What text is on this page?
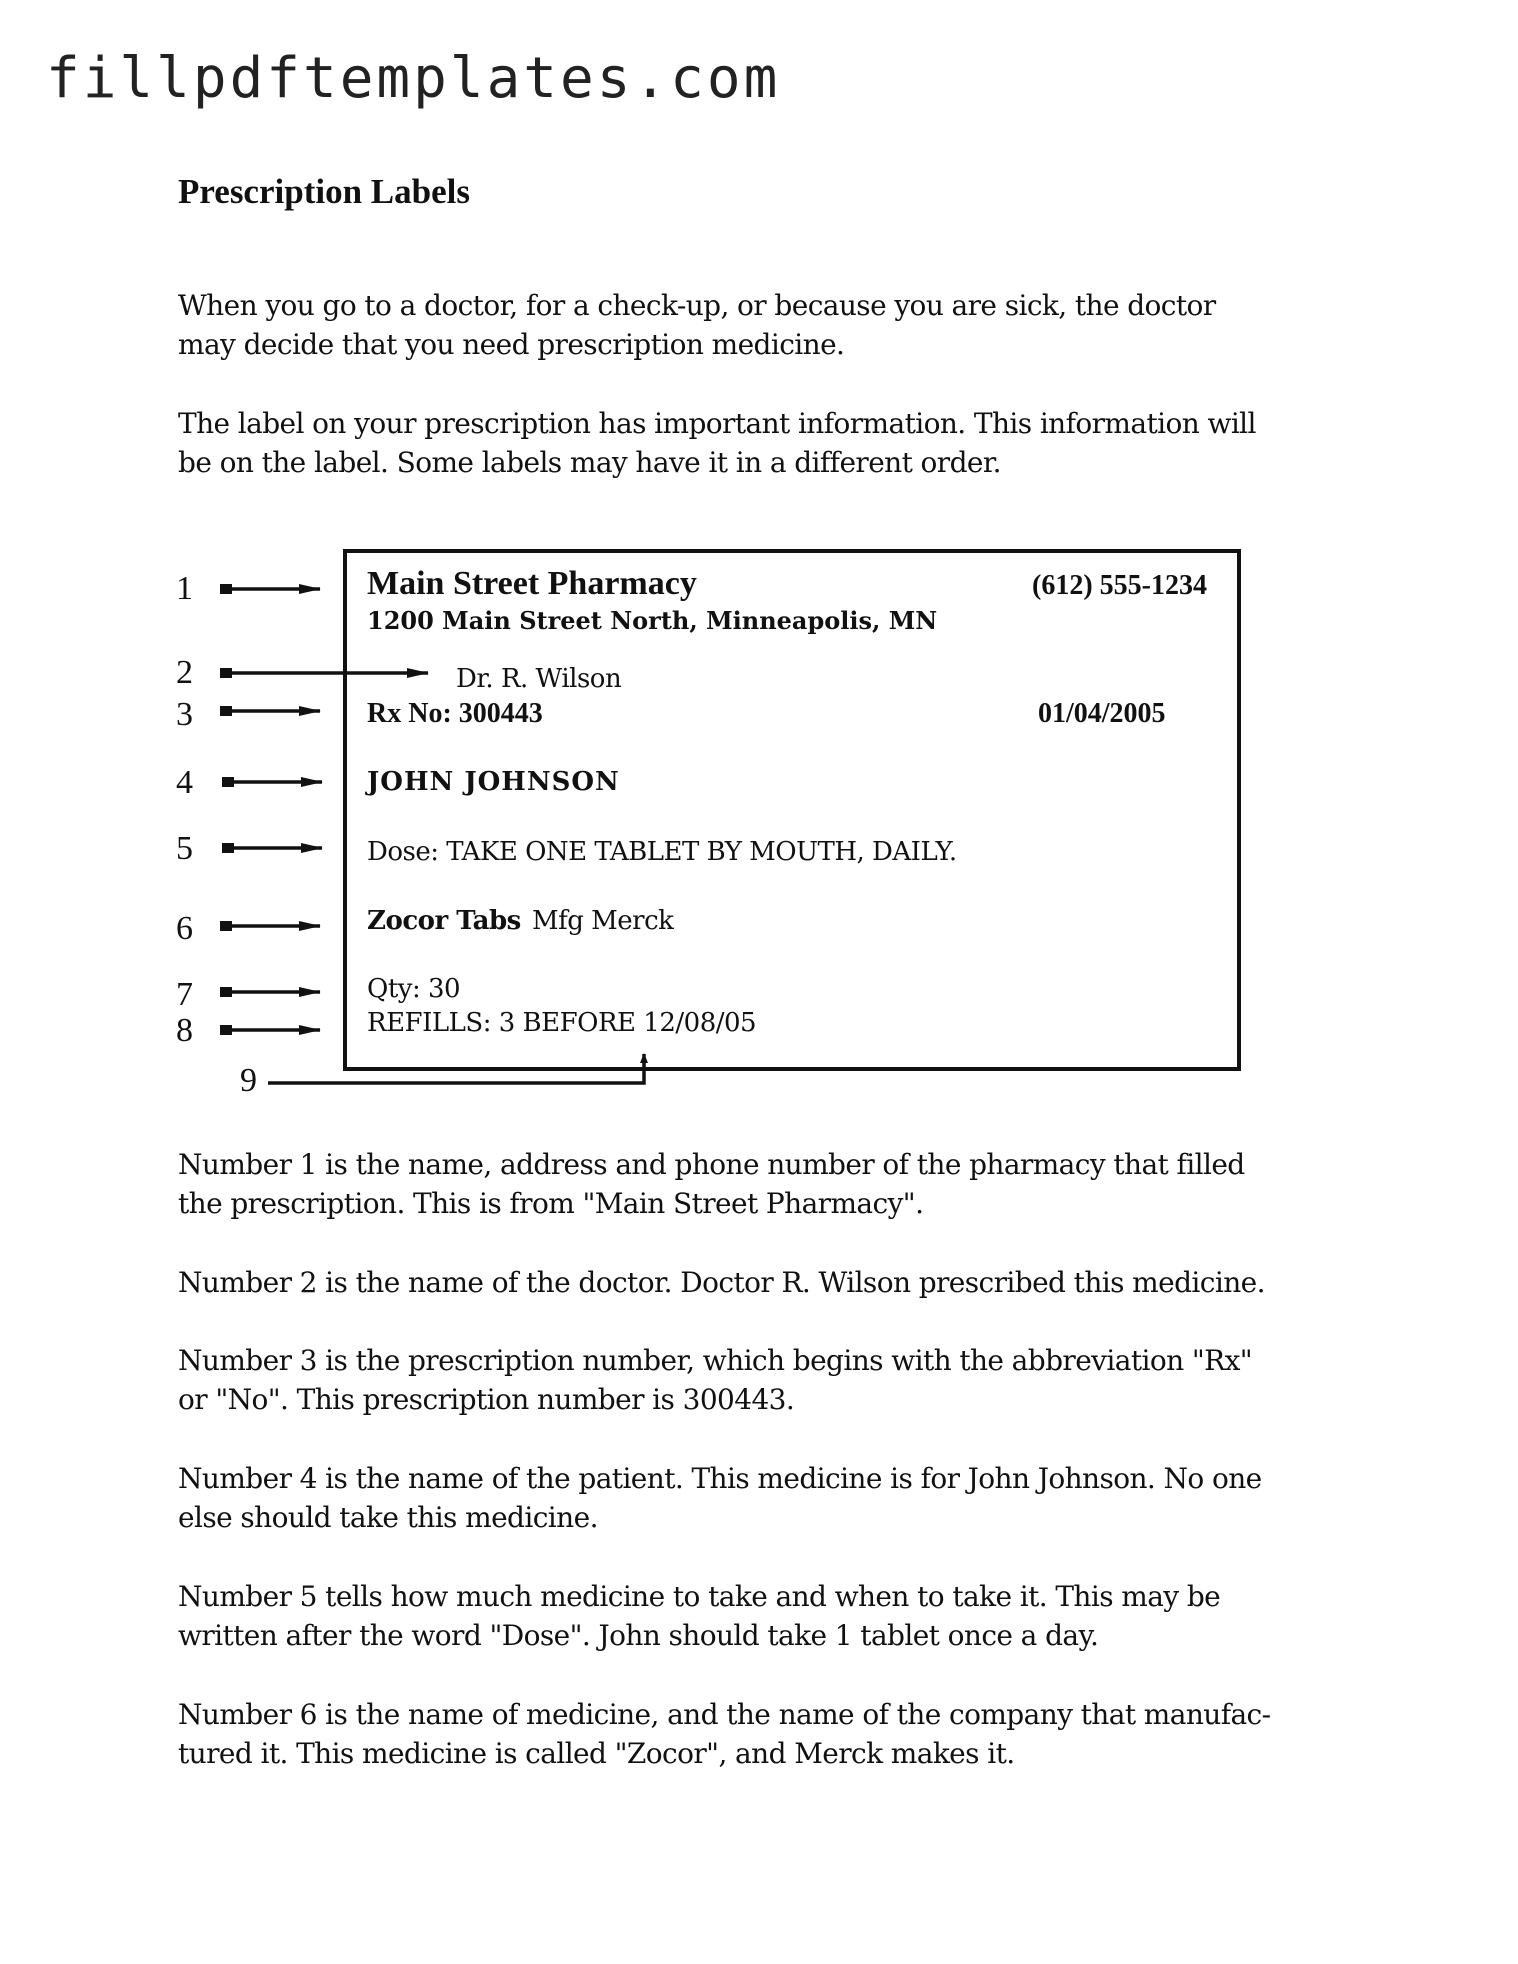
fillpdftemplates.com
Prescription Labels
When you go to a doctor, for a check-up, or because you are sick, the doctor
may decide that you need prescription medicine.
The label on your prescription has important information. This information will
be on the label. Some labels may have it in a different order.
Main Street Pharmacy	(612) 555-1234
1200 Main Street North, Minneapolis, MN
Dr. R. Wilson
Rx No: 300443	01/04/2005
JOHN JOHNSON
Dose: TAKE ONE TABLET BY MOUTH, DAILY.
Zocor Tabs Mfg Merck
Qty: 30
REFILLS: 3 BEFORE 12/08/05
1
2
3
4
5
6
7
8
9
Number 1 is the name, address and phone number of the pharmacy that filled
the prescription. This is from "Main Street Pharmacy".
Number 2 is the name of the doctor. Doctor R. Wilson prescribed this medicine.
Number 3 is the prescription number, which begins with the abbreviation "Rx"
or "No". This prescription number is 300443.
Number 4 is the name of the patient. This medicine is for John Johnson. No one
else should take this medicine.
Number 5 tells how much medicine to take and when to take it. This may be
written after the word "Dose". John should take 1 tablet once a day.
Number 6 is the name of medicine, and the name of the company that manufac-
tured it. This medicine is called "Zocor", and Merck makes it.
